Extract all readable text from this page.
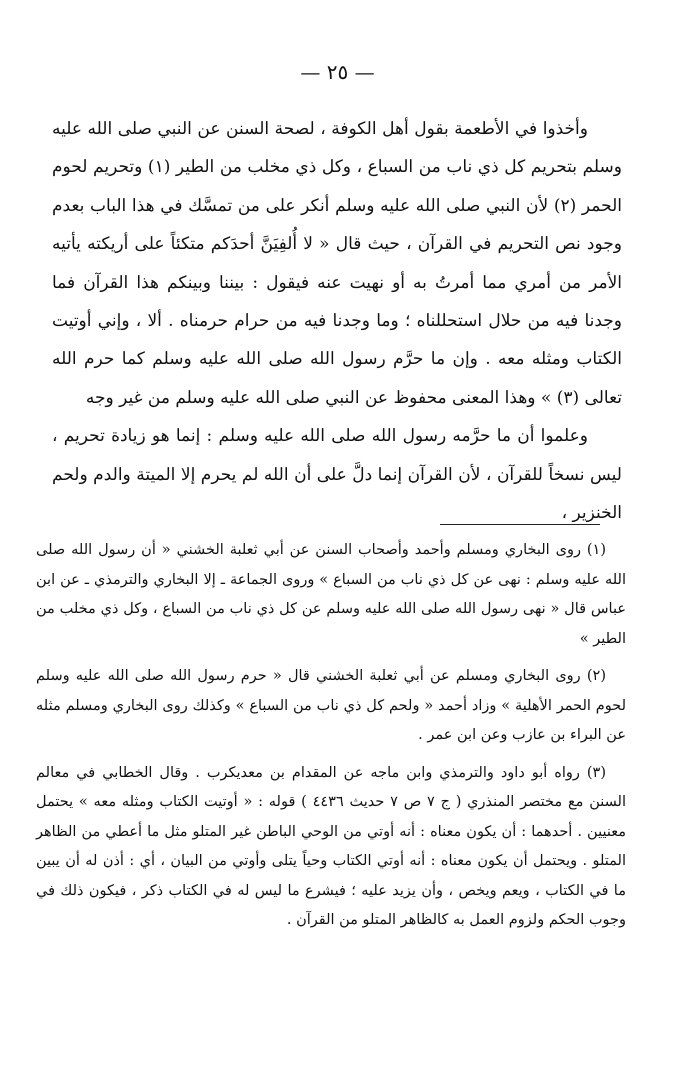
— ٢٥ —

وأخذوا في الأطعمة بقول أهل الكوفة ، لصحة السنن عن النبي صلى الله عليه وسلم بتحريم كل ذي ناب من السباع ، وكل ذي مخلب من الطير (١) وتحريم لحوم الحمر (٢) لأن النبي صلى الله عليه وسلم أنكر على من تمسَّك في هذا الباب بعدم وجود نص التحريم في القرآن ، حيث قال « لا أُلفِيَنَّ أحدَكم متكئاً على أريكته يأتيه الأمر من أمري مما أمرتُ به أو نهيت عنه فيقول : بيننا وبينكم هذا القرآن فما وجدنا فيه من حلال استحللناه ؛ وما وجدنا فيه من حرام حرمناه . ألا ، وإني أوتيت الكتاب ومثله معه . وإن ما حرَّم رسول الله صلى الله عليه وسلم كما حرم الله تعالى (٣) » وهذا المعنى محفوظ عن النبي صلى الله عليه وسلم من غير وجه

وعلموا أن ما حرَّمه رسول الله صلى الله عليه وسلم : إنما هو زيادة تحريم ، ليس نسخاً للقرآن ، لأن القرآن إنما دلَّ على أن الله لم يحرم إلا الميتة والدم ولحم الخنزير ،

(١) روى البخاري ومسلم وأحمد وأصحاب السنن عن أبي ثعلبة الخشني « أن رسول الله صلى الله عليه وسلم : نهى عن كل ذي ناب من السباع » وروى الجماعة ـ إلا البخاري والترمذي ـ عن ابن عباس قال « نهى رسول الله صلى الله عليه وسلم عن كل ذي ناب من السباع ، وكل ذي مخلب من الطير »

(٢) روى البخاري ومسلم عن أبي ثعلبة الخشني قال « حرم رسول الله صلى الله عليه وسلم لحوم الحمر الأهلية » وزاد أحمد « ولحم كل ذي ناب من السباع » وكذلك روى البخاري ومسلم مثله عن البراء بن عازب وعن ابن عمر .

(٣) رواه أبو داود والترمذي وابن ماجه عن المقدام بن معديكرب . وقال الخطابي في معالم السنن مع مختصر المنذري ( ج ٧ ص ٧ حديث ٤٤٣٦ ) قوله : « أوتيت الكتاب ومثله معه » يحتمل معنيين . أحدهما : أن يكون معناه : أنه أوتي من الوحي الباطن غير المتلو مثل ما أعطي من الظاهر المتلو . ويحتمل أن يكون معناه : أنه أوتي الكتاب وحياً يتلى وأوتي من البيان ، أي : أذن له أن يبين ما في الكتاب ، ويعم ويخص ، وأن يزيد عليه ؛ فيشرع ما ليس له في الكتاب ذكر ، فيكون ذلك في وجوب الحكم ولزوم العمل به كالظاهر المتلو من القرآن .
